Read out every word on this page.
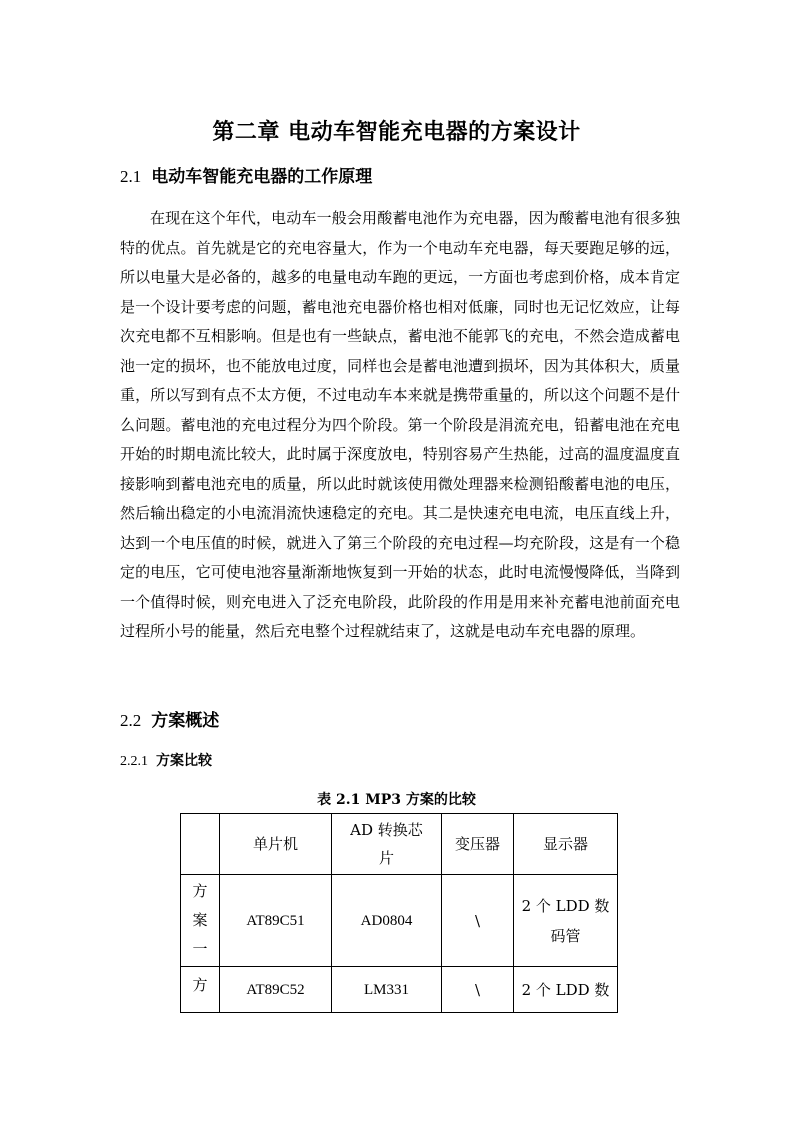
第二章 电动车智能充电器的方案设计
2.1 电动车智能充电器的工作原理
在现在这个年代，电动车一般会用酸蓄电池作为充电器，因为酸蓄电池有很多独特的优点。首先就是它的充电容量大，作为一个电动车充电器，每天要跑足够的远，所以电量大是必备的，越多的电量电动车跑的更远，一方面也考虑到价格，成本肯定是一个设计要考虑的问题，蓄电池充电器价格也相对低廉，同时也无记忆效应，让每次充电都不互相影响。但是也有一些缺点，蓄电池不能郭飞的充电，不然会造成蓄电池一定的损坏，也不能放电过度，同样也会是蓄电池遭到损坏，因为其体积大，质量重，所以写到有点不太方便，不过电动车本来就是携带重量的，所以这个问题不是什么问题。蓄电池的充电过程分为四个阶段。第一个阶段是涓流充电，铅蓄电池在充电开始的时期电流比较大，此时属于深度放电，特别容易产生热能，过高的温度温度直接影响到蓄电池充电的质量，所以此时就该使用微处理器来检测铅酸蓄电池的电压，然后输出稳定的小电流涓流快速稳定的充电。其二是快速充电电流，电压直线上升，达到一个电压值的时候，就进入了第三个阶段的充电过程—均充阶段，这是有一个稳定的电压，它可使电池容量渐渐地恢复到一开始的状态，此时电流慢慢降低，当降到一个值得时候，则充电进入了泛充电阶段，此阶段的作用是用来补充蓄电池前面充电过程所小号的能量，然后充电整个过程就结束了，这就是电动车充电器的原理。
2.2 方案概述
2.2.1 方案比较
表 2.1 MP3 方案的比较
	单片机	AD 转换芯片	变压器	显示器

方案一	AT89C51	AD0804	\	2 个 LDD 数码管

方	AT89C52	LM331	\	2 个 LDD 数
